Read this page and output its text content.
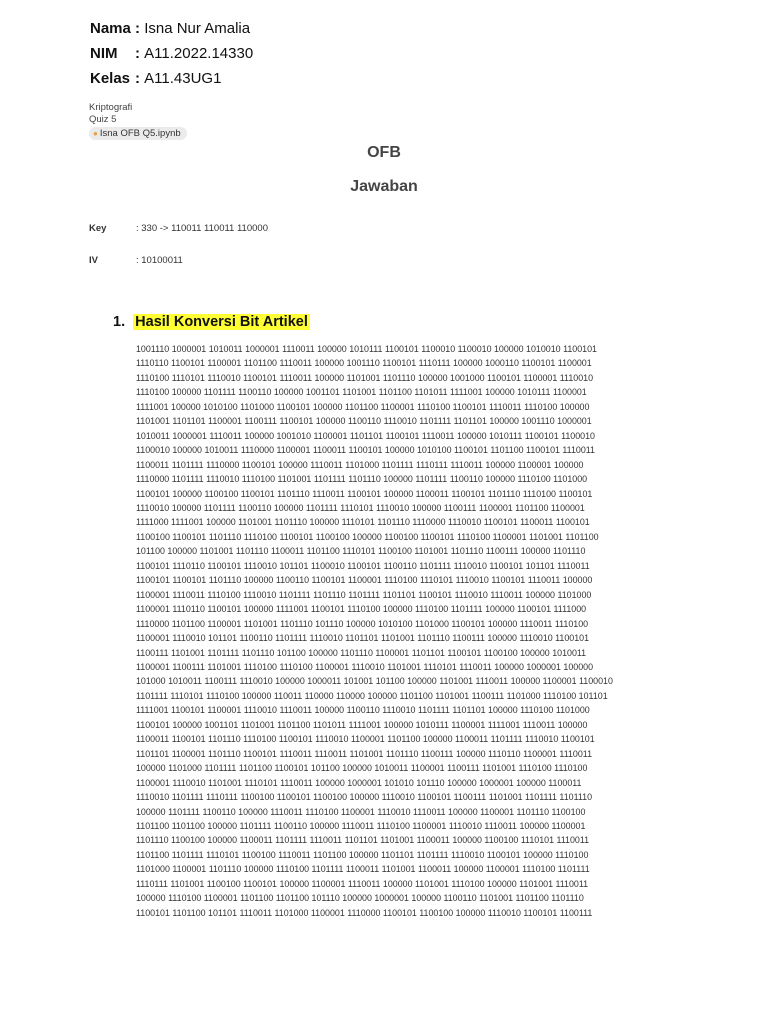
Nama : Isna Nur Amalia
NIM : A11.2022.14330
Kelas : A11.43UG1
Kriptografi
Quiz 5
● Isna OFB Q5.ipynb
OFB
Jawaban
Key	: 330 -> 110011 110011 110000
IV	: 10100011
1. Hasil Konversi Bit Artikel
1001110 1000001 1010011 1000001 1110011 100000 1010111 1100101 1100010 1100010 100000 1010010 1100101
1110110 1100101 1100001 1101100 1110011 100000 1001110 1100101 1110111 100000 1000110 1100101 1100001
1110100 1110101 1110010 1100101 1110011 100000 1101001 1101110 100000 1001000 1100101 1100001 1110010
1110100 100000 1101111 1100110 100000 1001101 1101001 1101100 1101011 1111001 100000 1010111 1100001
1111001 100000 1010100 1101000 1100101 100000 1101100 1100001 1110100 1100101 1110011 1110100 100000
1101001 1101101 1100001 1100111 1100101 100000 1100110 1110010 1101111 1101101 100000 1001110 1000001
1010011 1000001 1110011 100000 1001010 1100001 1101101 1100101 1110011 100000 1010111 1100101 1100010
1100010 100000 1010011 1110000 1100001 1100011 1100101 100000 1010100 1100101 1101100 1100101 1110011
1100011 1101111 1110000 1100101 100000 1110011 1101000 1101111 1110111 1110011 100000 1100001 100000
1110000 1101111 1110010 1110100 1101001 1101111 1101110 100000 1101111 1100110 100000 1110100 1101000
1100101 100000 1100100 1100101 1101110 1110011 1100101 100000 1100011 1100101 1101110 1110100 1100101
1110010 100000 1101111 1100110 100000 1101111 1110101 1110010 100000 1100111 1100001 1101100 1100001
1111000 1111001 100000 1101001 1101110 100000 1110101 1101110 1110000 1110010 1100101 1100011 1100101
1100100 1100101 1101110 1110100 1100101 1100100 100000 1100100 1100101 1110100 1100001 1101001 1101100
101100 100000 1101001 1101110 1100011 1101100 1110101 1100100 1101001 1101110 1100111 100000 1101110
1100101 1110110 1100101 1110010 101101 1100010 1100101 1100110 1101111 1110010 1100101 101101 1110011
1100101 1100101 1101110 100000 1100110 1100101 1100001 1110100 1110101 1110010 1100101 1110011 100000
1100001 1110011 1110100 1110010 1101111 1101110 1101111 1101101 1100101 1110010 1110011 100000 1101000
1100001 1110110 1100101 100000 1111001 1100101 1110100 100000 1110100 1101111 100000 1100101 1111000
1110000 1101100 1100001 1101001 1101110 101110 100000 1010100 1101000 1100101 100000 1110011 1110100
1100001 1110010 101101 1100110 1101111 1110010 1101101 1101001 1101110 1100111 100000 1110010 1100101
1100111 1101001 1101111 1101110 101100 100000 1101110 1100001 1101101 1100101 1100100 100000 1010011
1100001 1100111 1101001 1110100 1110100 1100001 1110010 1101001 1110101 1110011 100000 1000001 100000
101000 1010011 1100111 1110010 100000 1000011 101001 101100 100000 1101001 1110011 100000 1100001 1100010
1101111 1110101 1110100 100000 110011 110000 110000 100000 1101100 1101001 1100111 1101000 1110100 101101
1111001 1100101 1100001 1110010 1110011 100000 1100110 1110010 1101111 1101101 100000 1110100 1101000
1100101 100000 1001101 1101001 1101100 1101011 1111001 100000 1010111 1100001 1111001 1110011 100000
1100011 1100101 1101110 1110100 1100101 1110010 1100001 1101100 100000 1100011 1101111 1110010 1100101
1101101 1100001 1101110 1100101 1110011 1110011 1101001 1101110 1100111 100000 1110110 1100001 1110011
100000 1101000 1101111 1101100 1100101 101100 100000 1010011 1100001 1100111 1101001 1110100 1110100
1100001 1110010 1101001 1110101 1110011 100000 1000001 101010 101110 100000 1000001 100000 1100011
1110010 1101111 1110111 1100100 1100101 1100100 100000 1110010 1100101 1100111 1101001 1101111 1101110
100000 1101111 1100110 100000 1110011 1110100 1100001 1110010 1110011 100000 1100001 1101110 1100100
1101100 1101100 100000 1101111 1100110 100000 1110011 1110100 1100001 1110010 1110011 100000 1100001
1101110 1100100 100000 1100011 1101111 1110011 1101101 1101001 1100011 100000 1100100 1110101 1110011
1101100 1101111 1110101 1100100 1110011 1101100 100000 1101101 1101111 1110010 1100101 100000 1110100
1101000 1100001 1101110 100000 1110100 1101111 1100011 1101001 1100011 100000 1100001 1110100 1101111
1110111 1101001 1100100 1100101 100000 1100001 1110011 100000 1101001 1110100 100000 1101001 1110011
100000 1110100 1100001 1101100 1101100 101110 100000 1000001 100000 1100110 1101001 1101100 1101110
1100101 1101100 101101 1110011 1101000 1100001 1110000 1100101 1100100 100000 1110010 1100101 1100111
